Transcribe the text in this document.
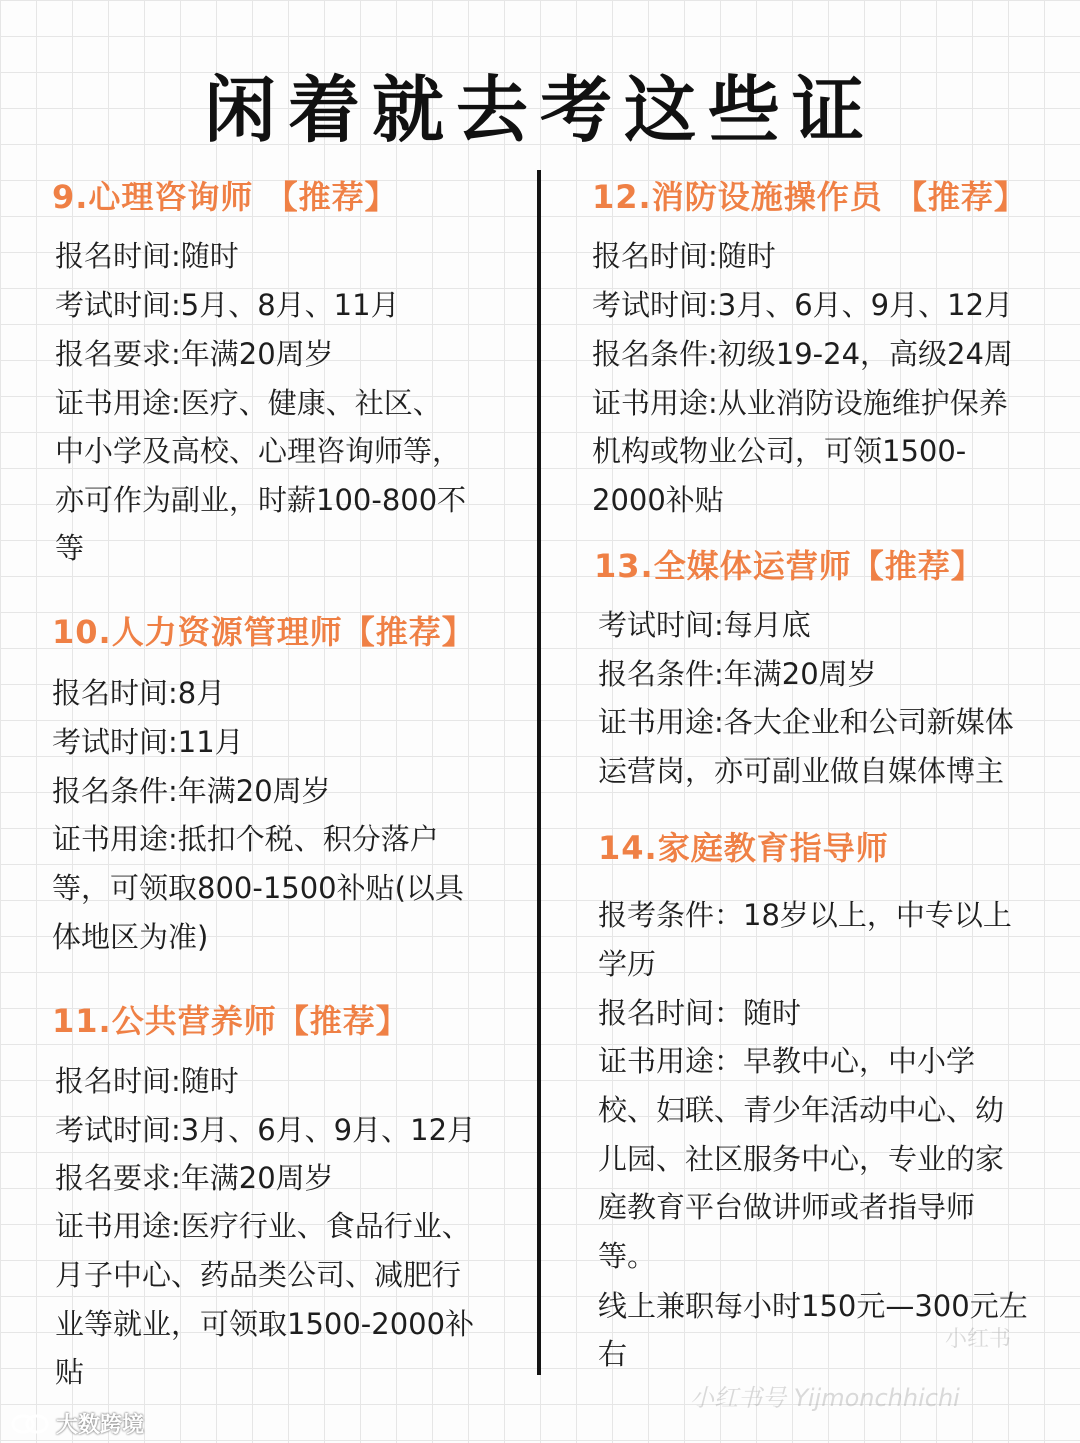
闲着就去考这些证
9.心理咨询师 【推荐】
报名时间:随时
考试时间:5月、8月、11月
报名要求:年满20周岁
证书用途:医疗、健康、社区、
中小学及高校、心理咨询师等，
亦可作为副业，时薪100-800不
等
10.人力资源管理师【推荐】
报名时间:8月
考试时间:11月
报名条件:年满20周岁
证书用途:抵扣个税、积分落户
等，可领取800-1500补贴(以具
体地区为准)
11.公共营养师【推荐】
报名时间:随时
考试时间:3月、6月、9月、12月
报名要求:年满20周岁
证书用途:医疗行业、食品行业、
月子中心、药品类公司、减肥行
业等就业，可领取1500-2000补
贴
12.消防设施操作员 【推荐】
报名时间:随时
考试时间:3月、6月、9月、12月
报名条件:初级19-24，高级24周
证书用途:从业消防设施维护保养
机构或物业公司，可领1500-
2000补贴
13.全媒体运营师【推荐】
考试时间:每月底
报名条件:年满20周岁
证书用途:各大企业和公司新媒体
运营岗，亦可副业做自媒体博主
14.家庭教育指导师
报考条件：18岁以上，中专以上
学历
报名时间：随时
证书用途：早教中心，中小学
校、妇联、青少年活动中心、幼
儿园、社区服务中心，专业的家
庭教育平台做讲师或者指导师
等。
线上兼职每小时150元—300元左
右
大数跨境
小红书
小红书号 Yijmonchhichi
